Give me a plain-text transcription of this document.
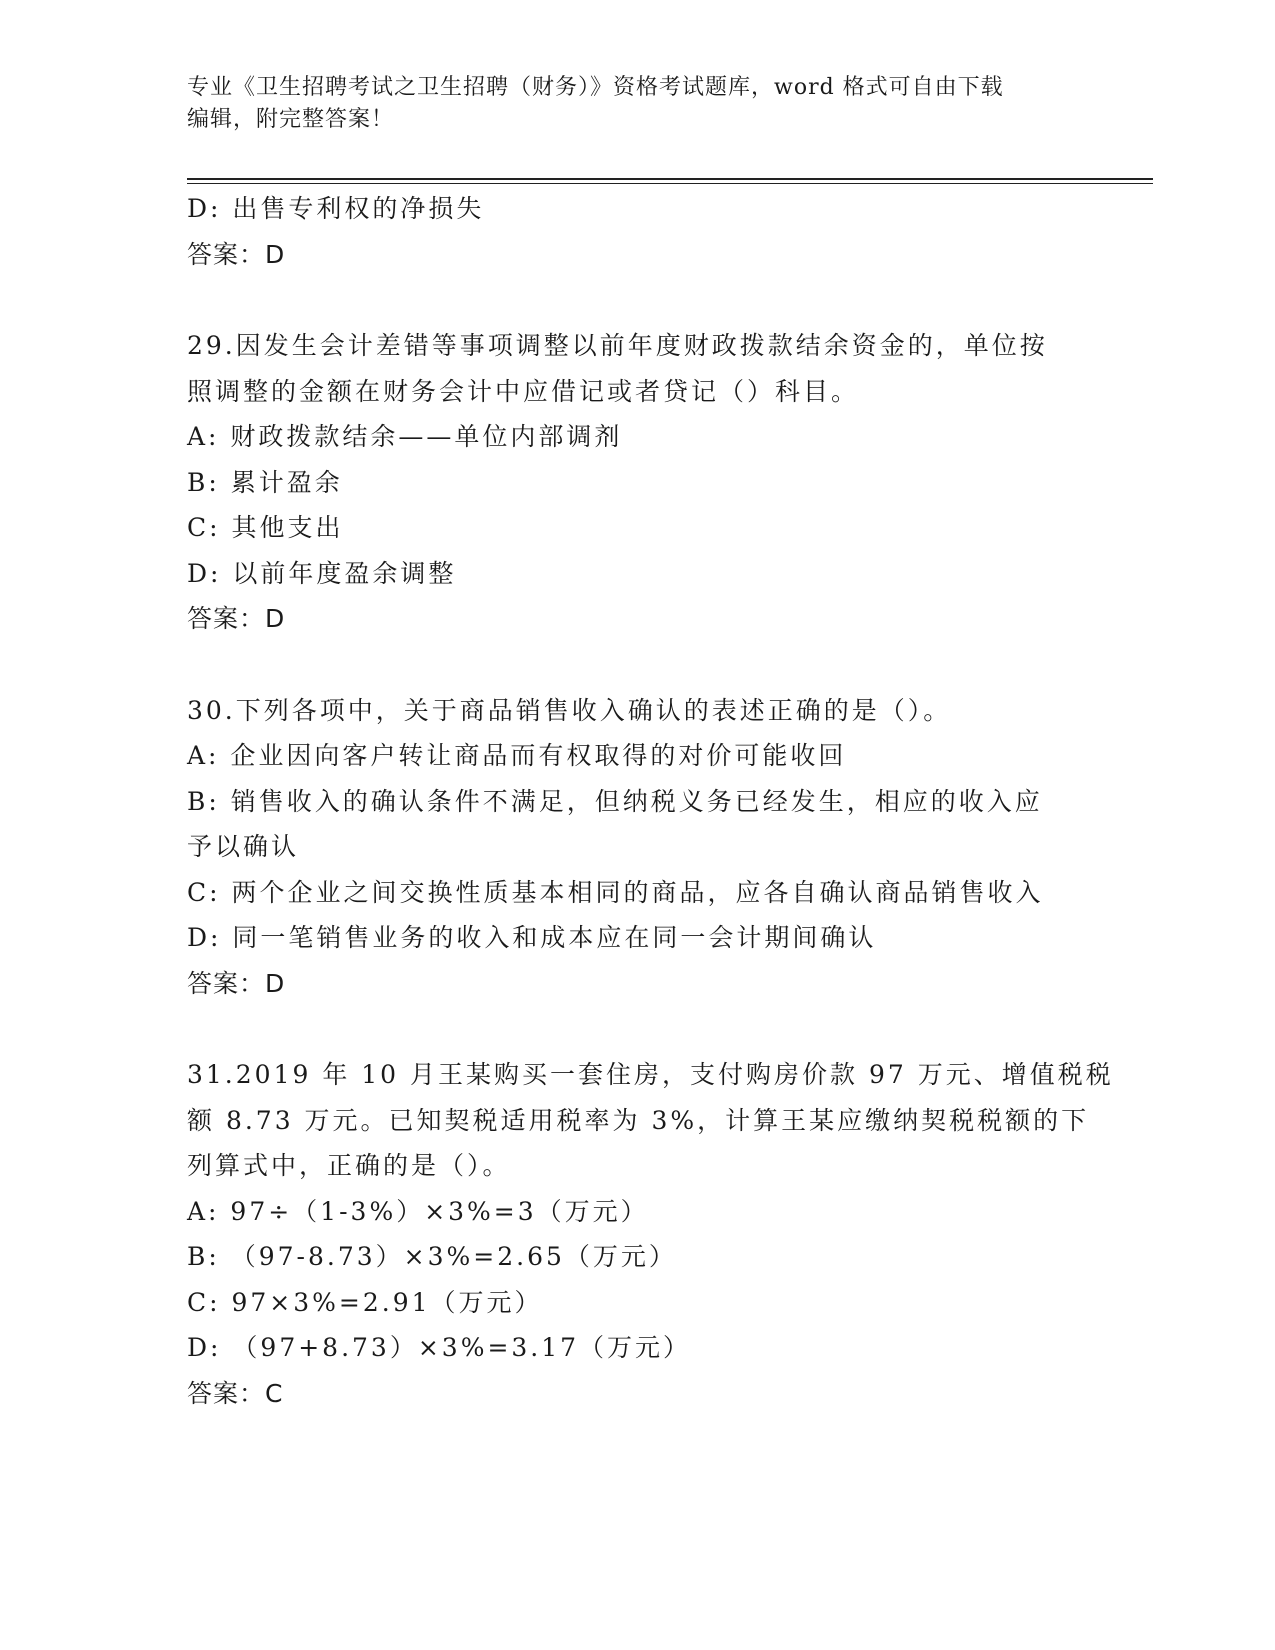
专业《卫生招聘考试之卫生招聘（财务）》资格考试题库，word 格式可自由下载
编辑，附完整答案！
D: 出售专利权的净损失
答案：D
29.因发生会计差错等事项调整以前年度财政拨款结余资金的，单位按
照调整的金额在财务会计中应借记或者贷记（）科目。
A: 财政拨款结余——单位内部调剂
B: 累计盈余
C: 其他支出
D: 以前年度盈余调整
答案：D
30.下列各项中，关于商品销售收入确认的表述正确的是（）。
A: 企业因向客户转让商品而有权取得的对价可能收回
B: 销售收入的确认条件不满足，但纳税义务已经发生，相应的收入应
予以确认
C: 两个企业之间交换性质基本相同的商品，应各自确认商品销售收入
D: 同一笔销售业务的收入和成本应在同一会计期间确认
答案：D
31.2019 年 10 月王某购买一套住房，支付购房价款 97 万元、增值税税
额 8.73 万元。已知契税适用税率为 3%，计算王某应缴纳契税税额的下
列算式中，正确的是（）。
A: 97÷（1-3%）×3%=3（万元）
B: （97-8.73）×3%=2.65（万元）
C: 97×3%=2.91（万元）
D: （97+8.73）×3%=3.17（万元）
答案：C
